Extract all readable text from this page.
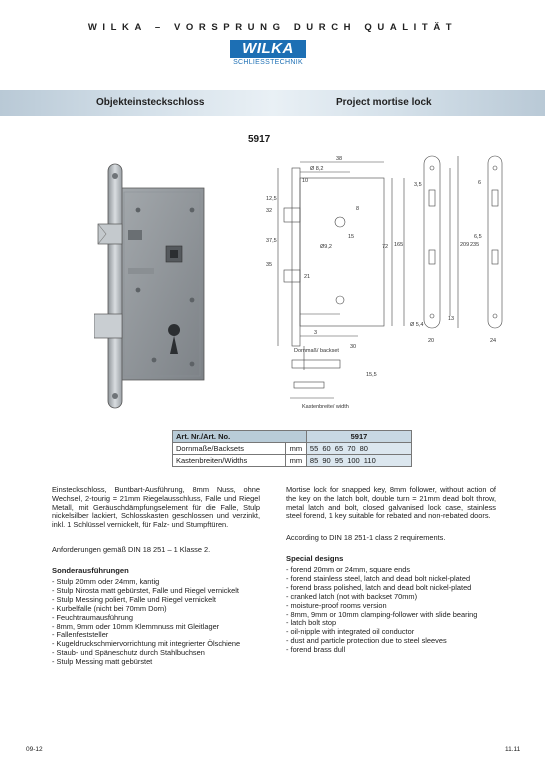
WILKA – VORSPRUNG DURCH QUALITÄT
WILKA
SCHLIESSTECHNIK
Objekteinsteckschloss	Project mortise lock
5917
38
10
Ø 8,2
12,5
32
37,5
35
8
Ø9,2
15
21
72 165	209 235
20
3,5
Ø 5,4
24
6
6,5
3
30
15,5
13
Dornmaß/ backset
Kastenbreite/ width
Art. Nr./Art. No.		5917
Dornmaße/Backsets	mm	55 60 65 70 80
Kastenbreiten/Widths	mm	85 90 95 100 110
Einsteckschloss, Buntbart-Ausführung, 8mm Nuss, ohne Wechsel, 2-tourig = 21mm Riegelausschluss, Falle und Riegel Metall, mit Geräuschdämpfungselement für die Falle, Stulp nickelsilber lackiert, Schlosskasten geschlossen und verzinkt, inkl. 1 Schlüssel vernickelt, für Falz- und Stumpftüren.
Anforderungen gemäß DIN 18 251 – 1 Klasse 2.
Sonderausführungen
- Stulp 20mm oder 24mm, kantig
- Stulp Nirosta matt gebürstet, Falle und Riegel vernickelt
- Stulp Messing poliert, Falle und Riegel vernickelt
- Kurbelfalle (nicht bei 70mm Dorn)
- Feuchtraumausführung
- 8mm, 9mm oder 10mm Klemmnuss mit Gleitlager
- Fallenfeststeller
- Kugeldruckschmiervorrichtung mit integrierter Ölschiene
- Staub- und Späneschutz durch Stahlbuchsen
- Stulp Messing matt gebürstet
Mortise lock for snapped key, 8mm follower, without action of the key on the latch bolt, double turn = 21mm dead bolt throw, metal latch and bolt, closed galvanised lock case, stainless steel forend, 1 key suitable for rebated and non-rebated doors.
According to DIN 18 251-1 class 2 requirements.
Special designs
- forend 20mm or 24mm, square ends
- forend stainless steel, latch and dead bolt nickel-plated
- forend brass polished, latch and dead bolt nickel-plated
- cranked latch (not with backset 70mm)
- moisture-proof rooms version
- 8mm, 9mm or 10mm clamping-follower with slide bearing
- latch bolt stop
- oil-nipple with integrated oil conductor
- dust and particle protection due to steel sleeves
- forend brass dull
09-12	11.11
